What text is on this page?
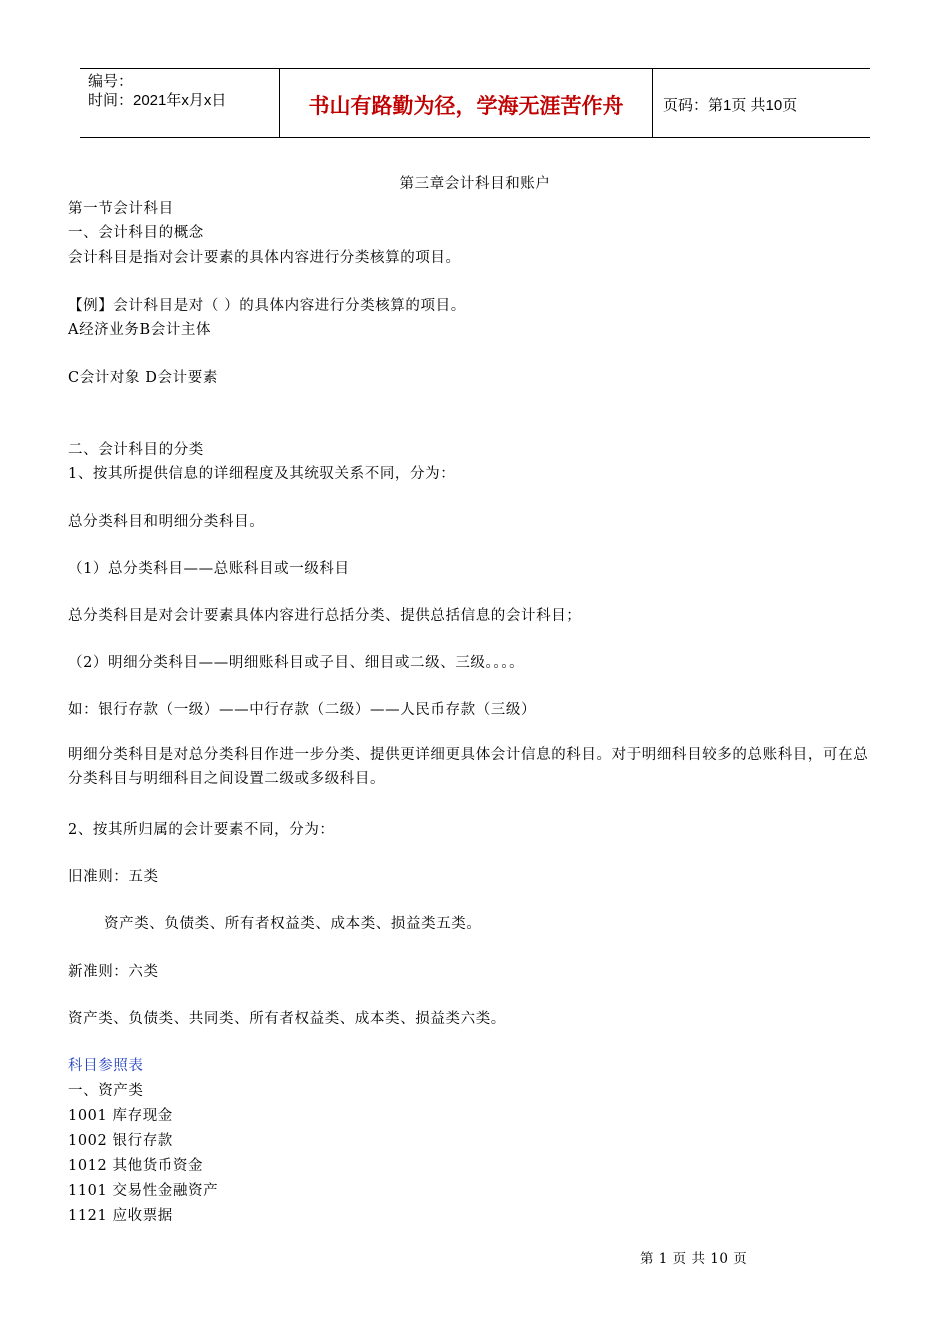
编号：
时间：2021年x月x日	书山有路勤为径，学海无涯苦作舟	页码：第1页 共10页
第三章会计科目和账户
第一节会计科目
一、会计科目的概念
会计科目是指对会计要素的具体内容进行分类核算的项目。
【例】会计科目是对（ ）的具体内容进行分类核算的项目。
A经济业务B会计主体
C会计对象 D会计要素
二、会计科目的分类
1、按其所提供信息的详细程度及其统驭关系不同，分为：
总分类科目和明细分类科目。
（1）总分类科目——总账科目或一级科目
总分类科目是对会计要素具体内容进行总括分类、提供总括信息的会计科目；
（2）明细分类科目——明细账科目或子目、细目或二级、三级。。。。
如：银行存款（一级）——中行存款（二级）——人民币存款（三级）
明细分类科目是对总分类科目作进一步分类、提供更详细更具体会计信息的科目。对于明细科目较多的总账科目，可在总分类科目与明细科目之间设置二级或多级科目。
2、按其所归属的会计要素不同，分为：
旧准则：五类
资产类、负债类、所有者权益类、成本类、损益类五类。
新准则：六类
资产类、负债类、共同类、所有者权益类、成本类、损益类六类。
科目参照表
一、资产类
1001 库存现金
1002 银行存款
1012 其他货币资金
1101 交易性金融资产
1121 应收票据
第 1 页 共 10 页
